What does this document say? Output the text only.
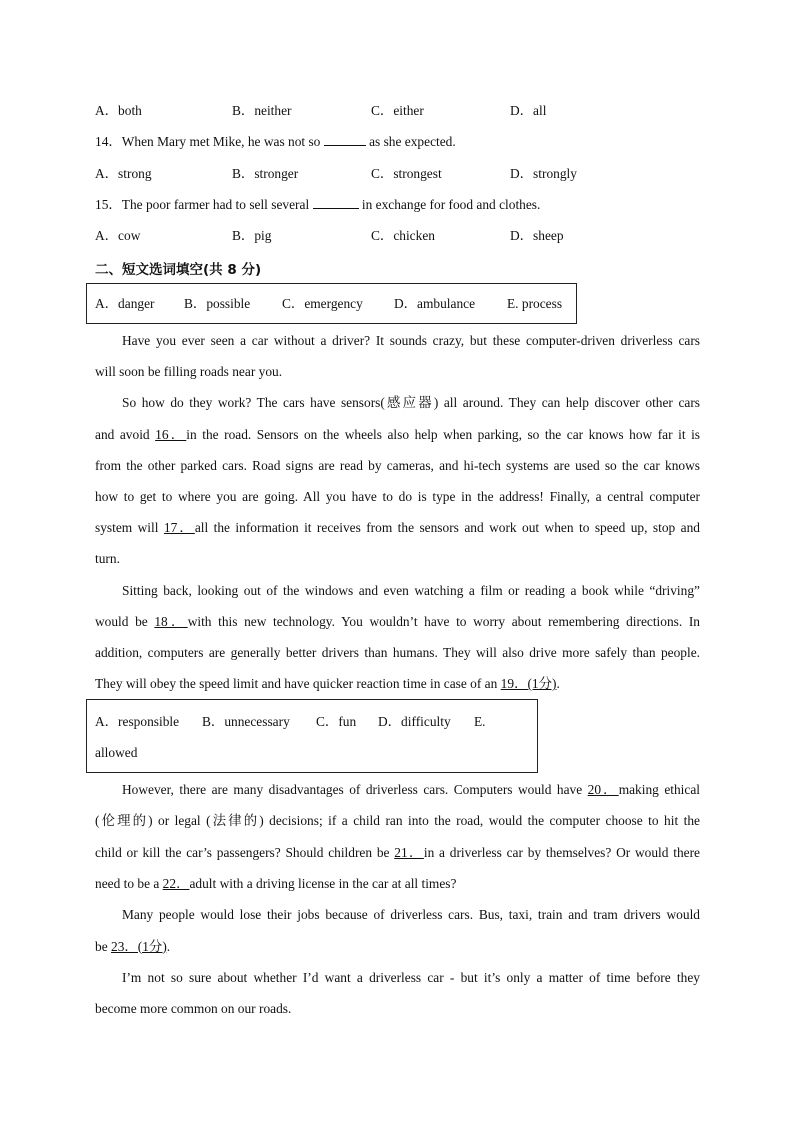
A．both	B．neither	C．either	D．all
14．When Mary met Mike, he was not so	as she expected.
A．strong	B．stronger	C．strongest	D．strongly
15．The poor farmer had to sell several	in exchange for food and clothes.
A．cow	B．pig	C．chicken	D．sheep
二、短文选词填空(共 8 分)
A．danger B．possible C．emergency D．ambulance E. process
Have you ever seen a car without a driver? It sounds crazy, but these computer-driven driverless cars
will soon be filling roads near you.
So how do they work? The cars have sensors(感应器) all around. They can help discover other cars
and avoid 16．in the road. Sensors on the wheels also help when parking, so the car knows how far it is
from the other parked cars. Road signs are read by cameras, and hi-tech systems are used so the car knows
how to get to where you are going. All you have to do is type in the address! Finally, a central computer
system will 17．all the information it receives from the sensors and work out when to speed up, stop and
turn.
Sitting back, looking out of the windows and even watching a film or reading a book while “driving”
would be 18．with this new technology. You wouldn’t have to worry about remembering directions. In
addition, computers are generally better drivers than humans. They will also drive more safely than people.
They will obey the speed limit and have quicker reaction time in case of an 19．(1分).
A．responsible B．unnecessary C．fun D．difficulty E.
allowed
However, there are many disadvantages of driverless cars. Computers would have 20．making ethical
(伦理的) or legal (法律的) decisions; if a child ran into the road, would the computer choose to hit the
child or kill the car’s passengers? Should children be 21．in a driverless car by themselves? Or would there
need to be a 22．adult with a driving license in the car at all times?
Many people would lose their jobs because of driverless cars. Bus, taxi, train and tram drivers would
be 23．(1分).
I’m not so sure about whether I’d want a driverless car - but it’s only a matter of time before they
become more common on our roads.
